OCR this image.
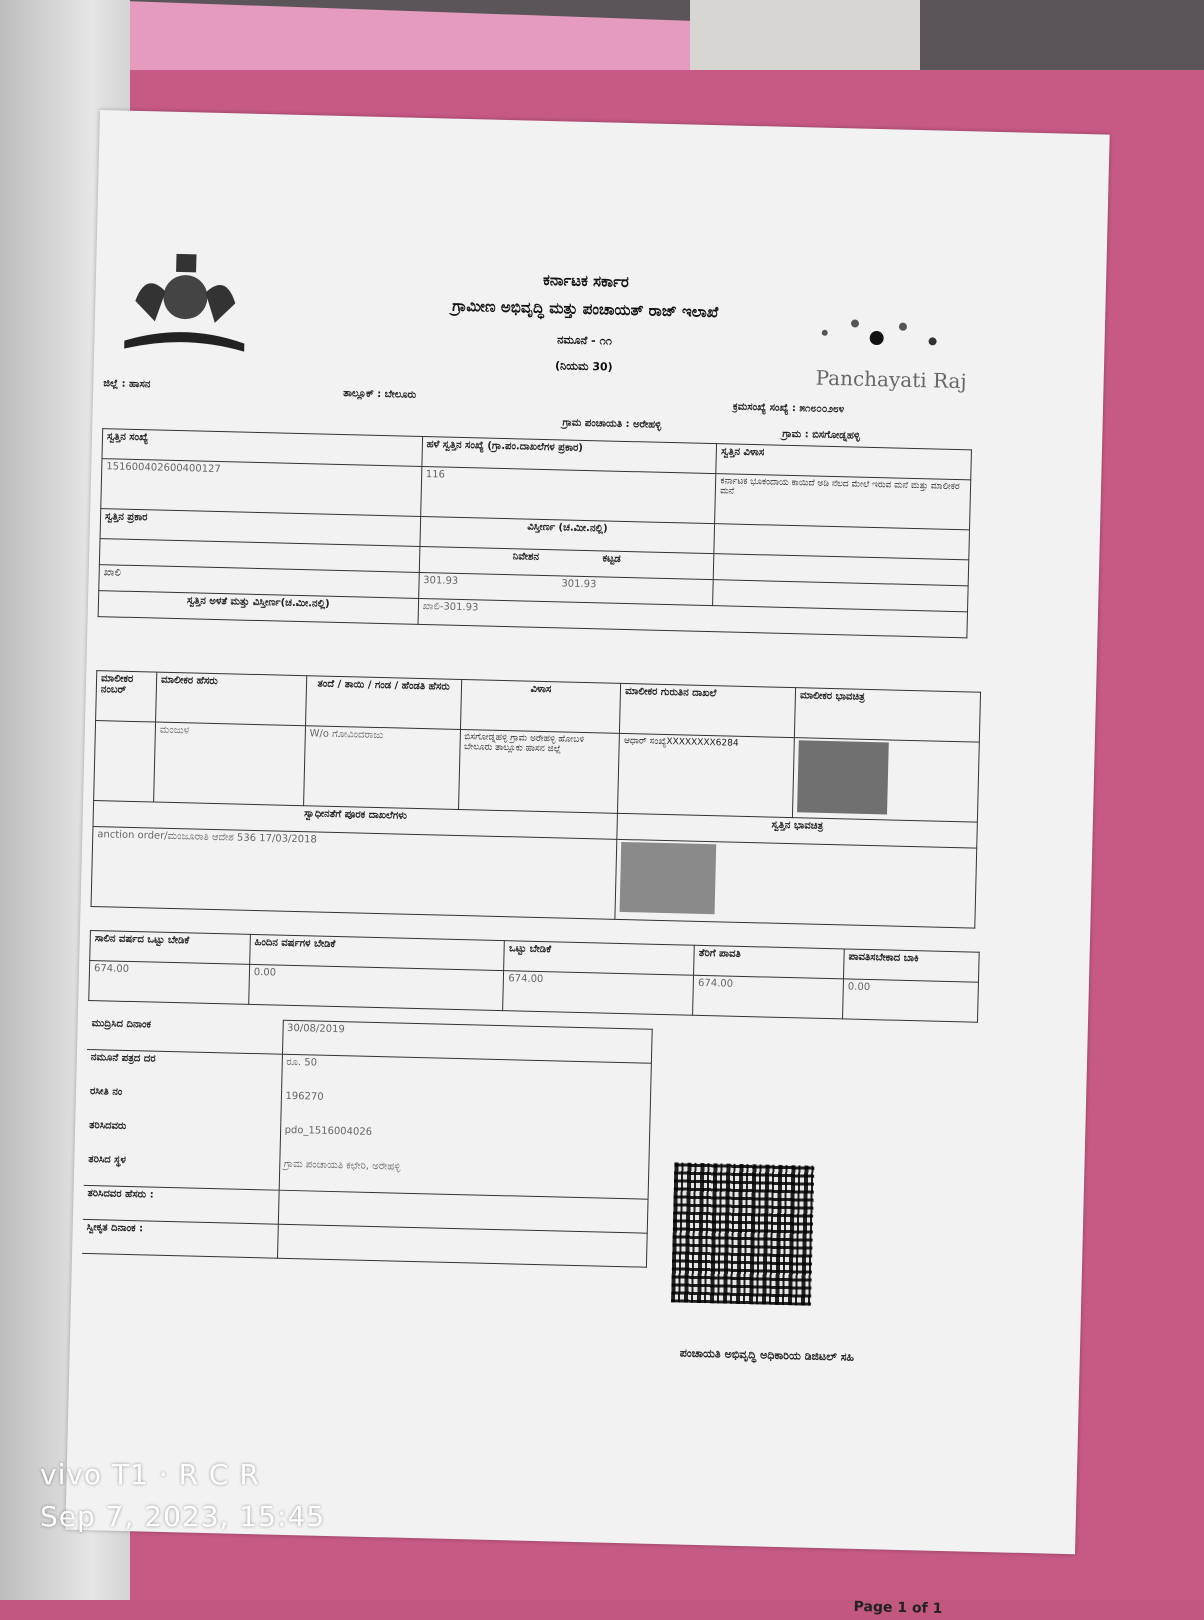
ಕರ್ನಾಟಕ ಸರ್ಕಾರ
ಗ್ರಾಮೀಣ ಅಭಿವೃದ್ಧಿ ಮತ್ತು ಪಂಚಾಯತ್ ರಾಜ್ ಇಲಾಖೆ
ನಮೂನೆ - ೧೧
(ನಿಯಮ 30)	Panchayati Raj
ಜಿಲ್ಲೆ : ಹಾಸನ
ತಾಲ್ಲೂಕ್ : ಬೇಲೂರು
ಕ್ರಮಸಂಖ್ಯೆ ಸಂಖ್ಯೆ : ೫೧೮೦೦೨೮೪
ಗ್ರಾಮ ಪಂಚಾಯತಿ : ಅರೇಹಳ್ಳಿ
ಗ್ರಾಮ : ಬಿಸಗೋಡ್ನಹಳ್ಳಿ
ಸ್ವತ್ತಿನ ಸಂಖ್ಯೆ	ಹಳೆ ಸ್ವತ್ತಿನ ಸಂಖ್ಯೆ (ಗ್ರಾ.ಪಂ.ದಾಖಲೆಗಳ ಪ್ರಕಾರ)	ಸ್ವತ್ತಿನ ವಿಳಾಸ
151600402600400127	116	ಕರ್ನಾಟಕ ಭೂಕಂದಾಯ ಕಾಯಿದೆ ಅಡಿ ನೆಲದ ಮೇಲೆ ಇರುವ ಮನೆ ಮತ್ತು ಮಾಲೀಕರ ಮನೆ
ಸ್ವತ್ತಿನ ಪ್ರಕಾರ	ವಿಸ್ತೀರ್ಣ (ಚ.ಮೀ.ನಲ್ಲಿ)	
	ನಿವೇಶನ ಕಟ್ಟಡ	
ಖಾಲಿ	301.93 301.93	
ಸ್ವತ್ತಿನ ಅಳತೆ ಮತ್ತು ವಿಸ್ತೀರ್ಣ(ಚ.ಮೀ.ನಲ್ಲಿ)	ಖಾಲಿ-301.93	
ಮಾಲೀಕರ ನಂಬರ್	ಮಾಲೀಕರ ಹೆಸರು	ತಂದೆ / ತಾಯಿ / ಗಂಡ / ಹೆಂಡತಿ ಹೆಸರು	ವಿಳಾಸ	ಮಾಲೀಕರ ಗುರುತಿನ ದಾಖಲೆ	ಮಾಲೀಕರ ಭಾವಚಿತ್ರ
	ಮಂಜುಳ	W/o ಗೋವಿಂದರಾಜು	ಬಿಸಗೋಡ್ನಹಳ್ಳಿ ಗ್ರಾಮ ಅರೇಹಳ್ಳಿ ಹೋಬಳಿ ಬೇಲೂರು ತಾಲ್ಲೂಕು ಹಾಸನ ಜಿಲ್ಲೆ	ಆಧಾರ್ ಸಂಖ್ಯೆXXXXXXXX6284	

ಸ್ವಾಧೀನತೆಗೆ ಪೂರಕ ದಾಖಲೆಗಳು				ಸ್ವತ್ತಿನ ಭಾವಚಿತ್ರ	
anction order/ಮಂಜೂರಾತಿ ಆದೇಶ 536 17/03/2018					
ಸಾಲಿನ ವರ್ಷದ ಒಟ್ಟು ಬೇಡಿಕೆ	ಹಿಂದಿನ ವರ್ಷಗಳ ಬೇಡಿಕೆ	ಒಟ್ಟು ಬೇಡಿಕೆ	ತೆರಿಗೆ ಪಾವತಿ	ಪಾವತಿಸಬೇಕಾದ ಬಾಕಿ
674.00	0.00	674.00	674.00	0.00
ಮುದ್ರಿಸಿದ ದಿನಾಂಕ	30/08/2019
ನಮೂನೆ ಪತ್ರದ ದರ	ರೂ. 50
ರಸೀತಿ ನಂ	196270
ತರಿಸಿದವರು	pdo_1516004026
ತರಿಸಿದ ಸ್ಥಳ	ಗ್ರಾಮ ಪಂಚಾಯತಿ ಕಛೇರಿ, ಅರೇಹಳ್ಳಿ
ತರಿಸಿದವರ ಹೆಸರು :	
ಸ್ವೀಕೃತ ದಿನಾಂಕ :	
ಪಂಚಾಯತಿ ಅಭಿವೃದ್ಧಿ ಅಧಿಕಾರಿಯ ಡಿಜಿಟಲ್ ಸಹಿ
Page 1 of 1
vivo T1 · R C R
Sep 7, 2023, 15:45
